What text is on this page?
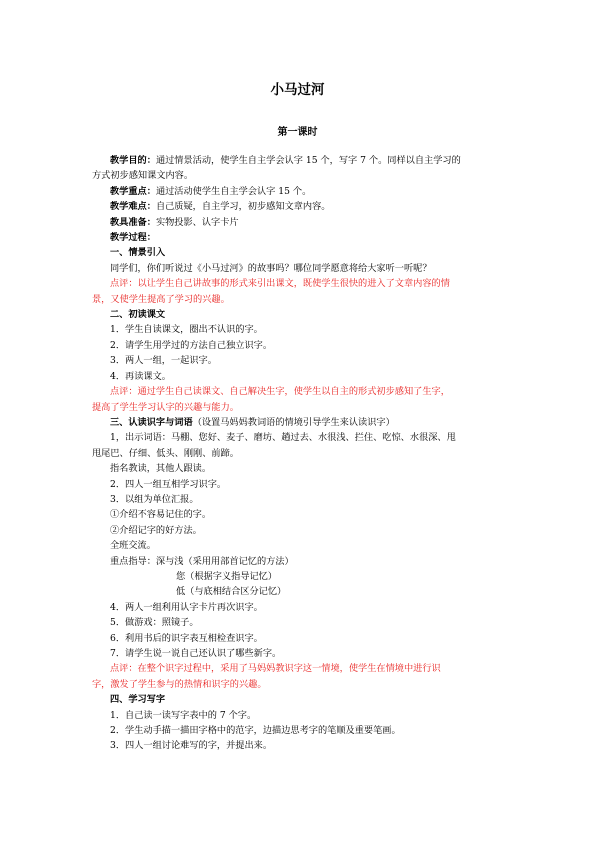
小马过河
第一课时

教学目的：通过情景活动，使学生自主学会认字 15 个，写字 7 个。同样以自主学习的

方式初步感知课文内容。

教学重点：通过活动使学生自主学会认字 15 个。

教学难点：自己质疑，自主学习，初步感知文章内容。

教具准备：实物投影、认字卡片

教学过程：

一、情景引入

同学们，你们听说过《小马过河》的故事吗？哪位同学愿意将给大家听一听呢？

点评：以让学生自己讲故事的形式来引出课文，既使学生很快的进入了文章内容的情

景，又使学生提高了学习的兴趣。

二、初读课文

1．学生自读课文，圈出不认识的字。

2．请学生用学过的方法自己独立识字。

3．两人一组，一起识字。

4．再读课文。

点评：通过学生自己读课文、自己解决生字，使学生以自主的形式初步感知了生字，

提高了学生学习认字的兴趣与能力。

三、认读识字与词语（设置马妈妈教词语的情境引导学生来认读识字）

1，出示词语：马棚、您好、麦子、磨坊、趟过去、水很浅、拦住、吃惊、水很深、甩

甩尾巴、仔细、低头、刚刚、前蹄。

指名教读，其他人跟读。

2．四人一组互相学习识字。

3．以组为单位汇报。

①介绍不容易记住的字。

②介绍记字的好方法。

全班交流。

重点指导：深与浅（采用用部首记忆的方法）

您（根据字义指导记忆）

低（与底相结合区分记忆）

4．两人一组利用认字卡片再次识字。

5．做游戏：照镜子。

6．利用书后的识字表互相检查识字。

7．请学生说一说自己还认识了哪些新字。

点评：在整个识字过程中，采用了马妈妈教识字这一情境，使学生在情境中进行识

字，激发了学生参与的热情和识字的兴趣。

四、学习写字

1．自己读一读写字表中的 7 个字。

2．学生动手描一描田字格中的范字，边描边思考字的笔顺及重要笔画。

3．四人一组讨论难写的字，并提出来。
